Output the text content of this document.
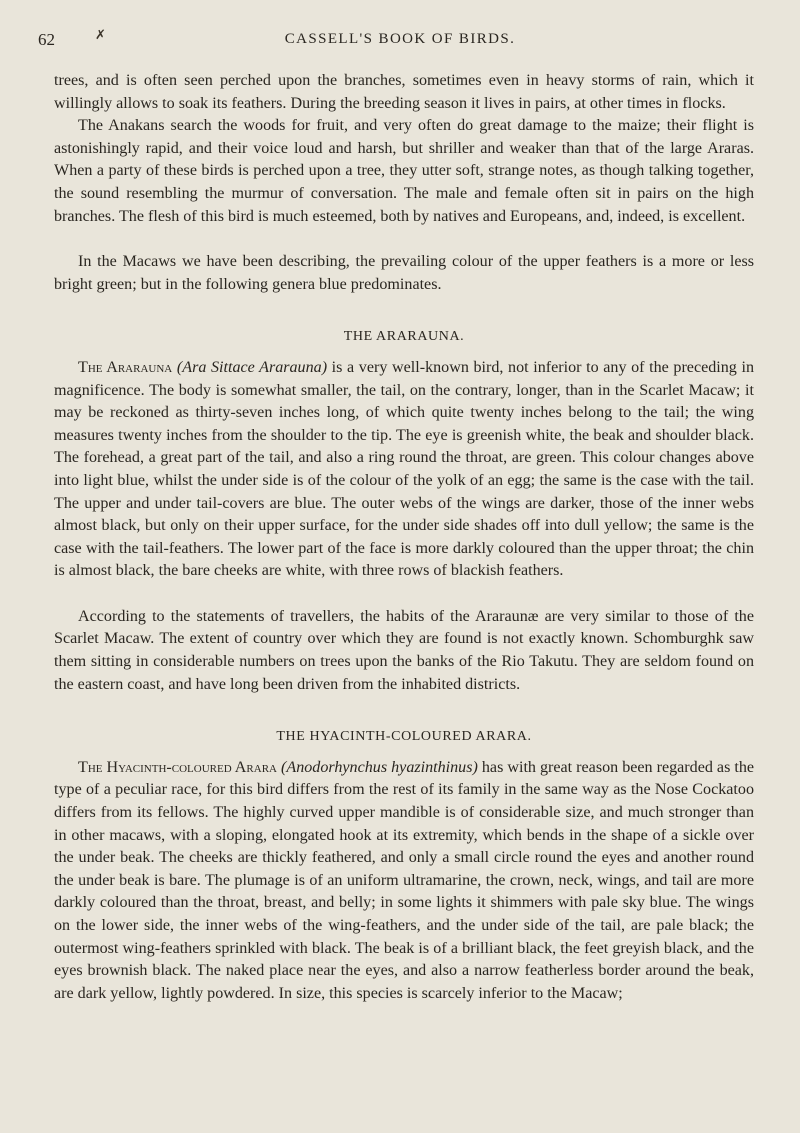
62	✗	CASSELL'S BOOK OF BIRDS.

trees, and is often seen perched upon the branches, sometimes even in heavy storms of rain, which it willingly allows to soak its feathers. During the breeding season it lives in pairs, at other times in flocks.

The Anakans search the woods for fruit, and very often do great damage to the maize; their flight is astonishingly rapid, and their voice loud and harsh, but shriller and weaker than that of the large Araras. When a party of these birds is perched upon a tree, they utter soft, strange notes, as though talking together, the sound resembling the murmur of conversation. The male and female often sit in pairs on the high branches. The flesh of this bird is much esteemed, both by natives and Europeans, and, indeed, is excellent.

In the Macaws we have been describing, the prevailing colour of the upper feathers is a more or less bright green; but in the following genera blue predominates.

THE ARARAUNA.

The Ararauna (Ara Sittace Ararauna) is a very well-known bird, not inferior to any of the preceding in magnificence. The body is somewhat smaller, the tail, on the contrary, longer, than in the Scarlet Macaw; it may be reckoned as thirty-seven inches long, of which quite twenty inches belong to the tail; the wing measures twenty inches from the shoulder to the tip. The eye is greenish white, the beak and shoulder black. The forehead, a great part of the tail, and also a ring round the throat, are green. This colour changes above into light blue, whilst the under side is of the colour of the yolk of an egg; the same is the case with the tail. The upper and under tail-covers are blue. The outer webs of the wings are darker, those of the inner webs almost black, but only on their upper surface, for the under side shades off into dull yellow; the same is the case with the tail-feathers. The lower part of the face is more darkly coloured than the upper throat; the chin is almost black, the bare cheeks are white, with three rows of blackish feathers.

According to the statements of travellers, the habits of the Araraunæ are very similar to those of the Scarlet Macaw. The extent of country over which they are found is not exactly known. Schomburghk saw them sitting in considerable numbers on trees upon the banks of the Rio Takutu. They are seldom found on the eastern coast, and have long been driven from the inhabited districts.

THE HYACINTH-COLOURED ARARA.

The Hyacinth-coloured Arara (Anodorhynchus hyazinthinus) has with great reason been regarded as the type of a peculiar race, for this bird differs from the rest of its family in the same way as the Nose Cockatoo differs from its fellows. The highly curved upper mandible is of considerable size, and much stronger than in other macaws, with a sloping, elongated hook at its extremity, which bends in the shape of a sickle over the under beak. The cheeks are thickly feathered, and only a small circle round the eyes and another round the under beak is bare. The plumage is of an uniform ultramarine, the crown, neck, wings, and tail are more darkly coloured than the throat, breast, and belly; in some lights it shimmers with pale sky blue. The wings on the lower side, the inner webs of the wing-feathers, and the under side of the tail, are pale black; the outermost wing-feathers sprinkled with black. The beak is of a brilliant black, the feet greyish black, and the eyes brownish black. The naked place near the eyes, and also a narrow featherless border around the beak, are dark yellow, lightly powdered. In size, this species is scarcely inferior to the Macaw;
